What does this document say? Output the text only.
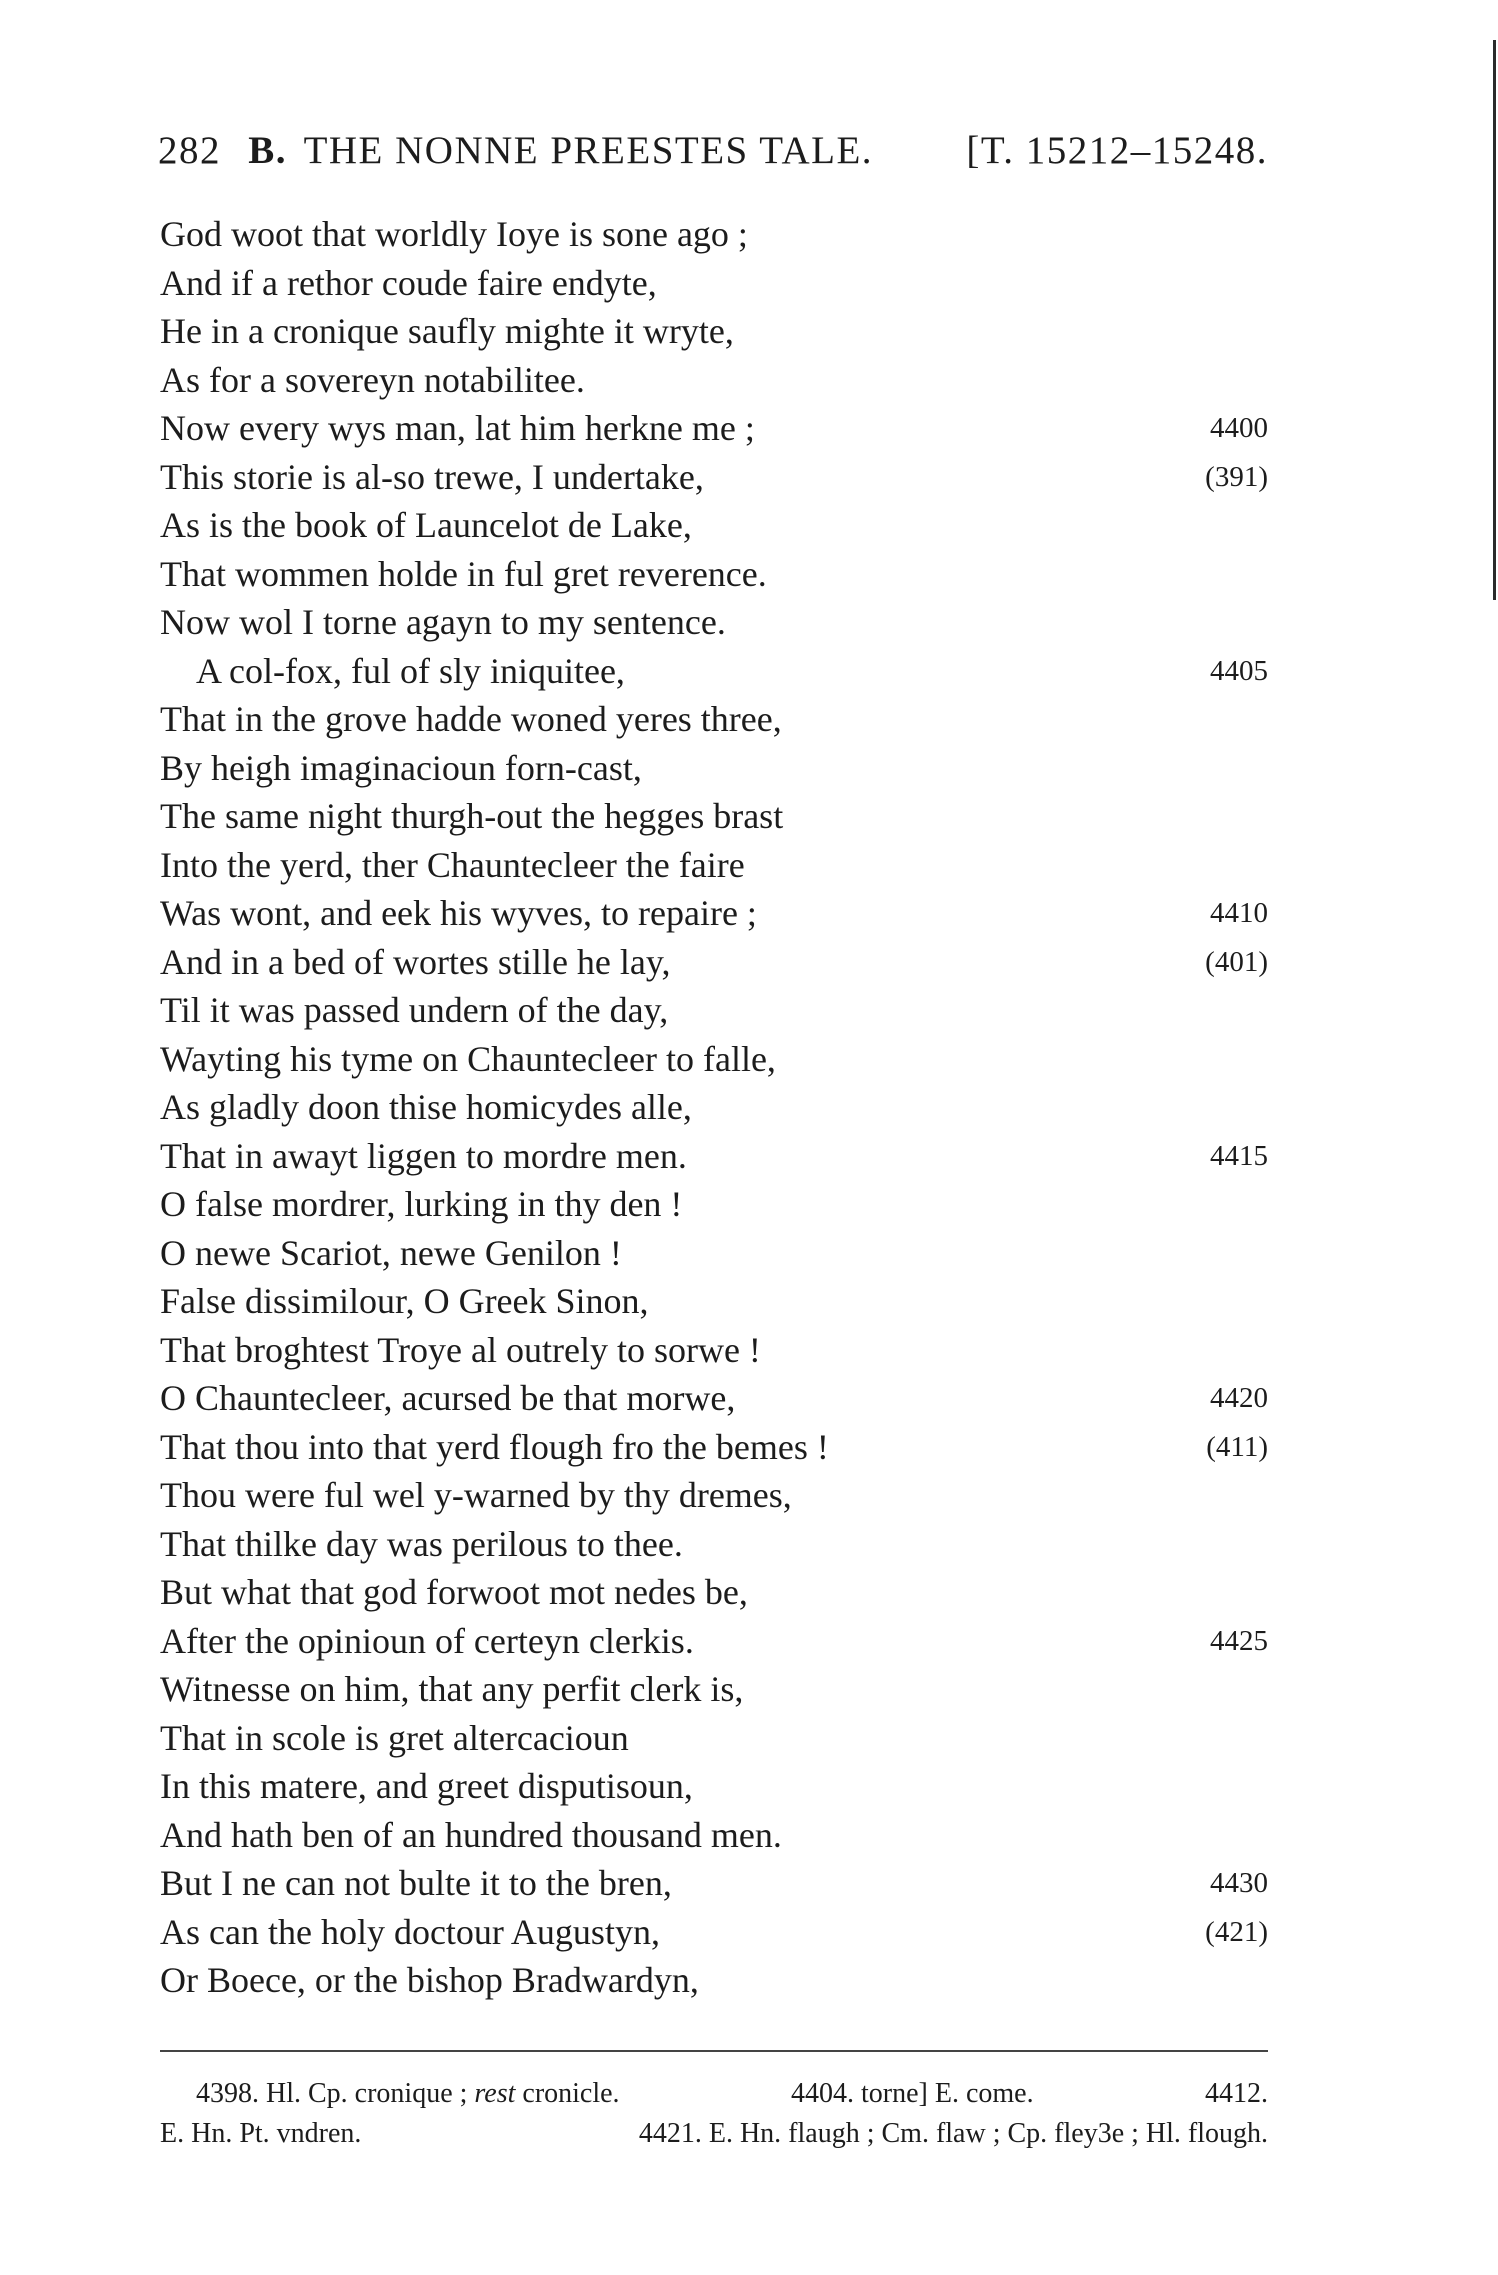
282 B. THE NONNE PREESTES TALE. [T. 15212–15248.
God woot that worldly Ioye is sone ago ;
And if a rethor coude faire endyte,
He in a cronique saufly mighte it wryte,
As for a sovereyn notabilitee.
Now every wys man, lat him herkne me ;	4400
This storie is al-so trewe, I undertake,	(391)
As is the book of Launcelot de Lake,
That wommen holde in ful gret reverence.
Now wol I torne agayn to my sentence.
A col-fox, ful of sly iniquitee,	4405
That in the grove hadde woned yeres three,
By heigh imaginacioun forn-cast,
The same night thurgh-out the hegges brast
Into the yerd, ther Chauntecleer the faire
Was wont, and eek his wyves, to repaire ;	4410
And in a bed of wortes stille he lay,	(401)
Til it was passed undern of the day,
Wayting his tyme on Chauntecleer to falle,
As gladly doon thise homicydes alle,
That in awayt liggen to mordre men.	4415
O false mordrer, lurking in thy den !
O newe Scariot, newe Genilon !
False dissimilour, O Greek Sinon,
That broghtest Troye al outrely to sorwe !
O Chauntecleer, acursed be that morwe,	4420
That thou into that yerd flough fro the bemes !	(411)
Thou were ful wel y-warned by thy dremes,
That thilke day was perilous to thee.
But what that god forwoot mot nedes be,
After the opinioun of certeyn clerkis.	4425
Witnesse on him, that any perfit clerk is,
That in scole is gret altercacioun
In this matere, and greet disputisoun,
And hath ben of an hundred thousand men.
But I ne can not bulte it to the bren,	4430
As can the holy doctour Augustyn,	(421)
Or Boece, or the bishop Bradwardyn,
4398. Hl. Cp. cronique ; rest cronicle.	4404. torne] E. come.	4412.
E. Hn. Pt. vndren.	4421. E. Hn. flaugh ; Cm. flaw ; Cp. fley3e ; Hl. flough.
